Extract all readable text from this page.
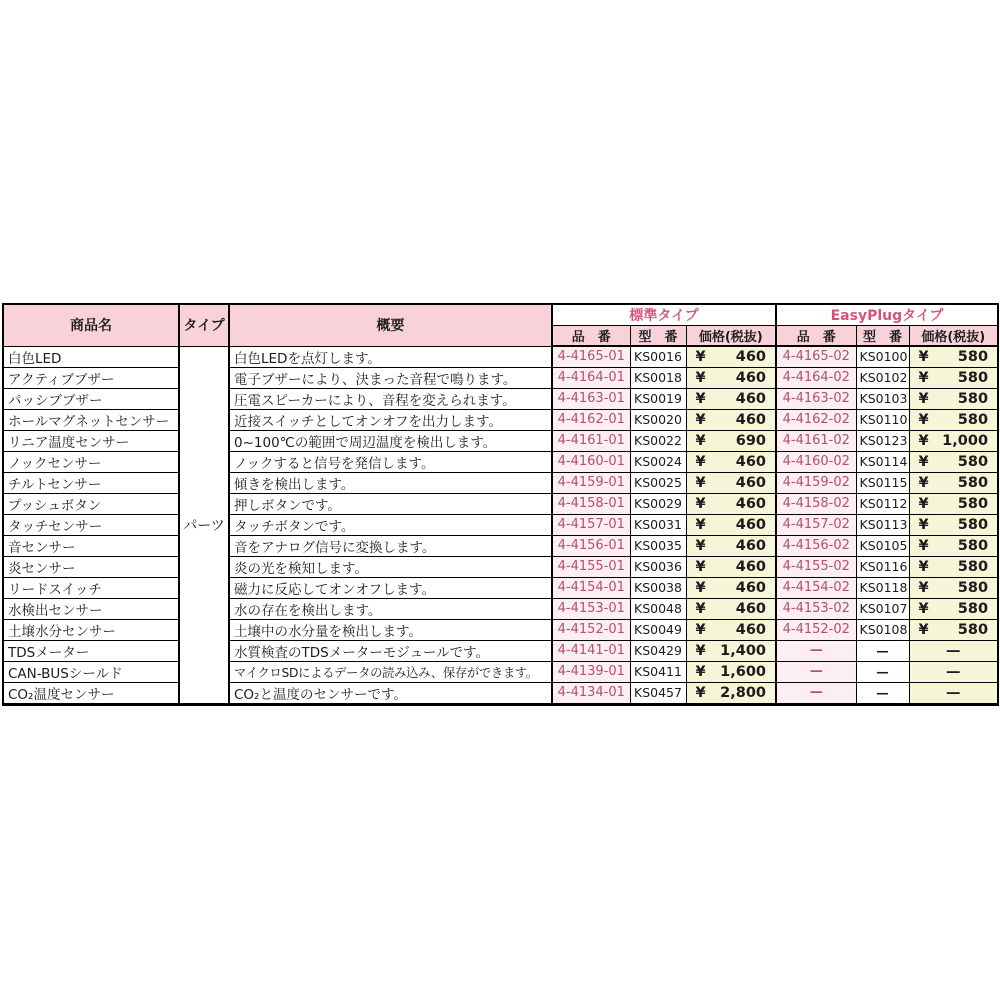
商品名	タイプ	概要	標準タイプ			EasyPlugタイプ		
			品　番	型　番	価格(税抜)	品　番	型　番	価格(税抜)
白色LED	パーツ	白色LEDを点灯します。	4-4165-01	KS0016	¥ 460	4-4165-02	KS0100	¥ 580

アクティブブザー		電子ブザーにより、決まった音程で鳴ります。	4-4164-01	KS0018	¥ 460	4-4164-02	KS0102	¥ 580

パッシブブザー		圧電スピーカーにより、音程を変えられます。	4-4163-01	KS0019	¥ 460	4-4163-02	KS0103	¥ 580

ホールマグネットセンサー		近接スイッチとしてオンオフを出力します。	4-4162-01	KS0020	¥ 460	4-4162-02	KS0110	¥ 580

リニア温度センサー		0~100℃の範囲で周辺温度を検出します。	4-4161-01	KS0022	¥ 690	4-4161-02	KS0123	¥ 1,000

ノックセンサー		ノックすると信号を発信します。	4-4160-01	KS0024	¥ 460	4-4160-02	KS0114	¥ 580

チルトセンサー		傾きを検出します。	4-4159-01	KS0025	¥ 460	4-4159-02	KS0115	¥ 580

プッシュボタン		押しボタンです。	4-4158-01	KS0029	¥ 460	4-4158-02	KS0112	¥ 580

タッチセンサー		タッチボタンです。	4-4157-01	KS0031	¥ 460	4-4157-02	KS0113	¥ 580

音センサー		音をアナログ信号に変換します。	4-4156-01	KS0035	¥ 460	4-4156-02	KS0105	¥ 580

炎センサー		炎の光を検知します。	4-4155-01	KS0036	¥ 460	4-4155-02	KS0116	¥ 580

リードスイッチ		磁力に反応してオンオフします。	4-4154-01	KS0038	¥ 460	4-4154-02	KS0118	¥ 580

水検出センサー		水の存在を検出します。	4-4153-01	KS0048	¥ 460	4-4153-02	KS0107	¥ 580

土壌水分センサー		土壌中の水分量を検出します。	4-4152-01	KS0049	¥ 460	4-4152-02	KS0108	¥ 580

TDSメーター		水質検査のTDSメーターモジュールです。	4-4141-01	KS0429	¥ 1,400	—	—	—

CAN-BUSシールド		マイクロSDによるデータの読み込み、保存ができます。	4-4139-01	KS0411	¥ 1,600	—	—	—

CO₂温度センサー		CO₂と温度のセンサーです。	4-4134-01	KS0457	¥ 2,800	—	—	—
